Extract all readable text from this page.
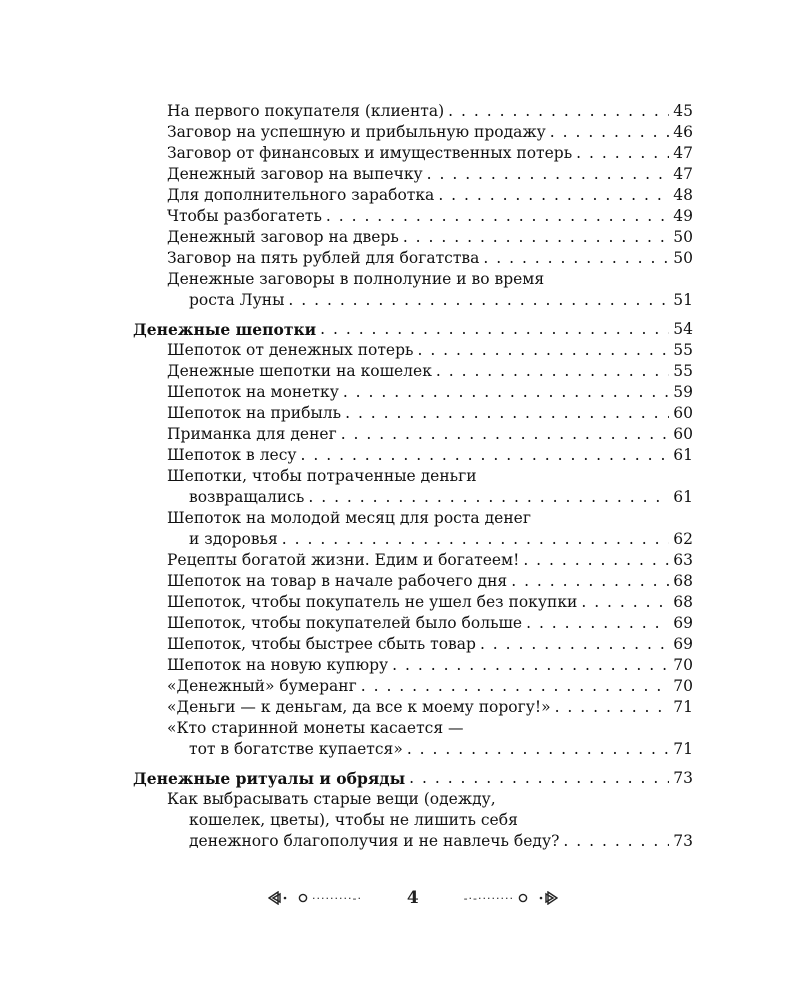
На первого покупателя (клиента) . . .	45
Заговор на успешную и прибыльную продажу . . .	46
Заговор от финансовых и имущественных потерь . . .	47
Денежный заговор на выпечку . . .	47
Для дополнительного заработка . . .	48
Чтобы разбогатеть . . .	49
Денежный заговор на дверь . . .	50
Заговор на пять рублей для богатства . . .	50
Денежные заговоры в полнолуние и во время
роста Луны . . .	51
Денежные шепотки . . .	54
Шепоток от денежных потерь . . .	55
Денежные шепотки на кошелек . . .	55
Шепоток на монетку . . .	59
Шепоток на прибыль . . .	60
Приманка для денег . . .	60
Шепоток в лесу . . .	61
Шепотки, чтобы потраченные деньги
возвращались . . .	61
Шепоток на молодой месяц для роста денег
и здоровья . . .	62
Рецепты богатой жизни. Едим и богатеем! . . .	63
Шепоток на товар в начале рабочего дня . . .	68
Шепоток, чтобы покупатель не ушел без покупки . . .	68
Шепоток, чтобы покупателей было больше . . .	69
Шепоток, чтобы быстрее сбыть товар . . .	69
Шепоток на новую купюру . . .	70
«Денежный» бумеранг . . .	70
«Деньги — к деньгам, да все к моему порогу!» . . .	71
«Кто старинной монеты касается —
тот в богатстве купается» . . .	71
Денежные ритуалы и обряды . . .	73
Как выбрасывать старые вещи (одежду,
кошелек, цветы), чтобы не лишить себя
денежного благополучия и не навлечь беду? . . .	73
·········-·	4	-·-········
